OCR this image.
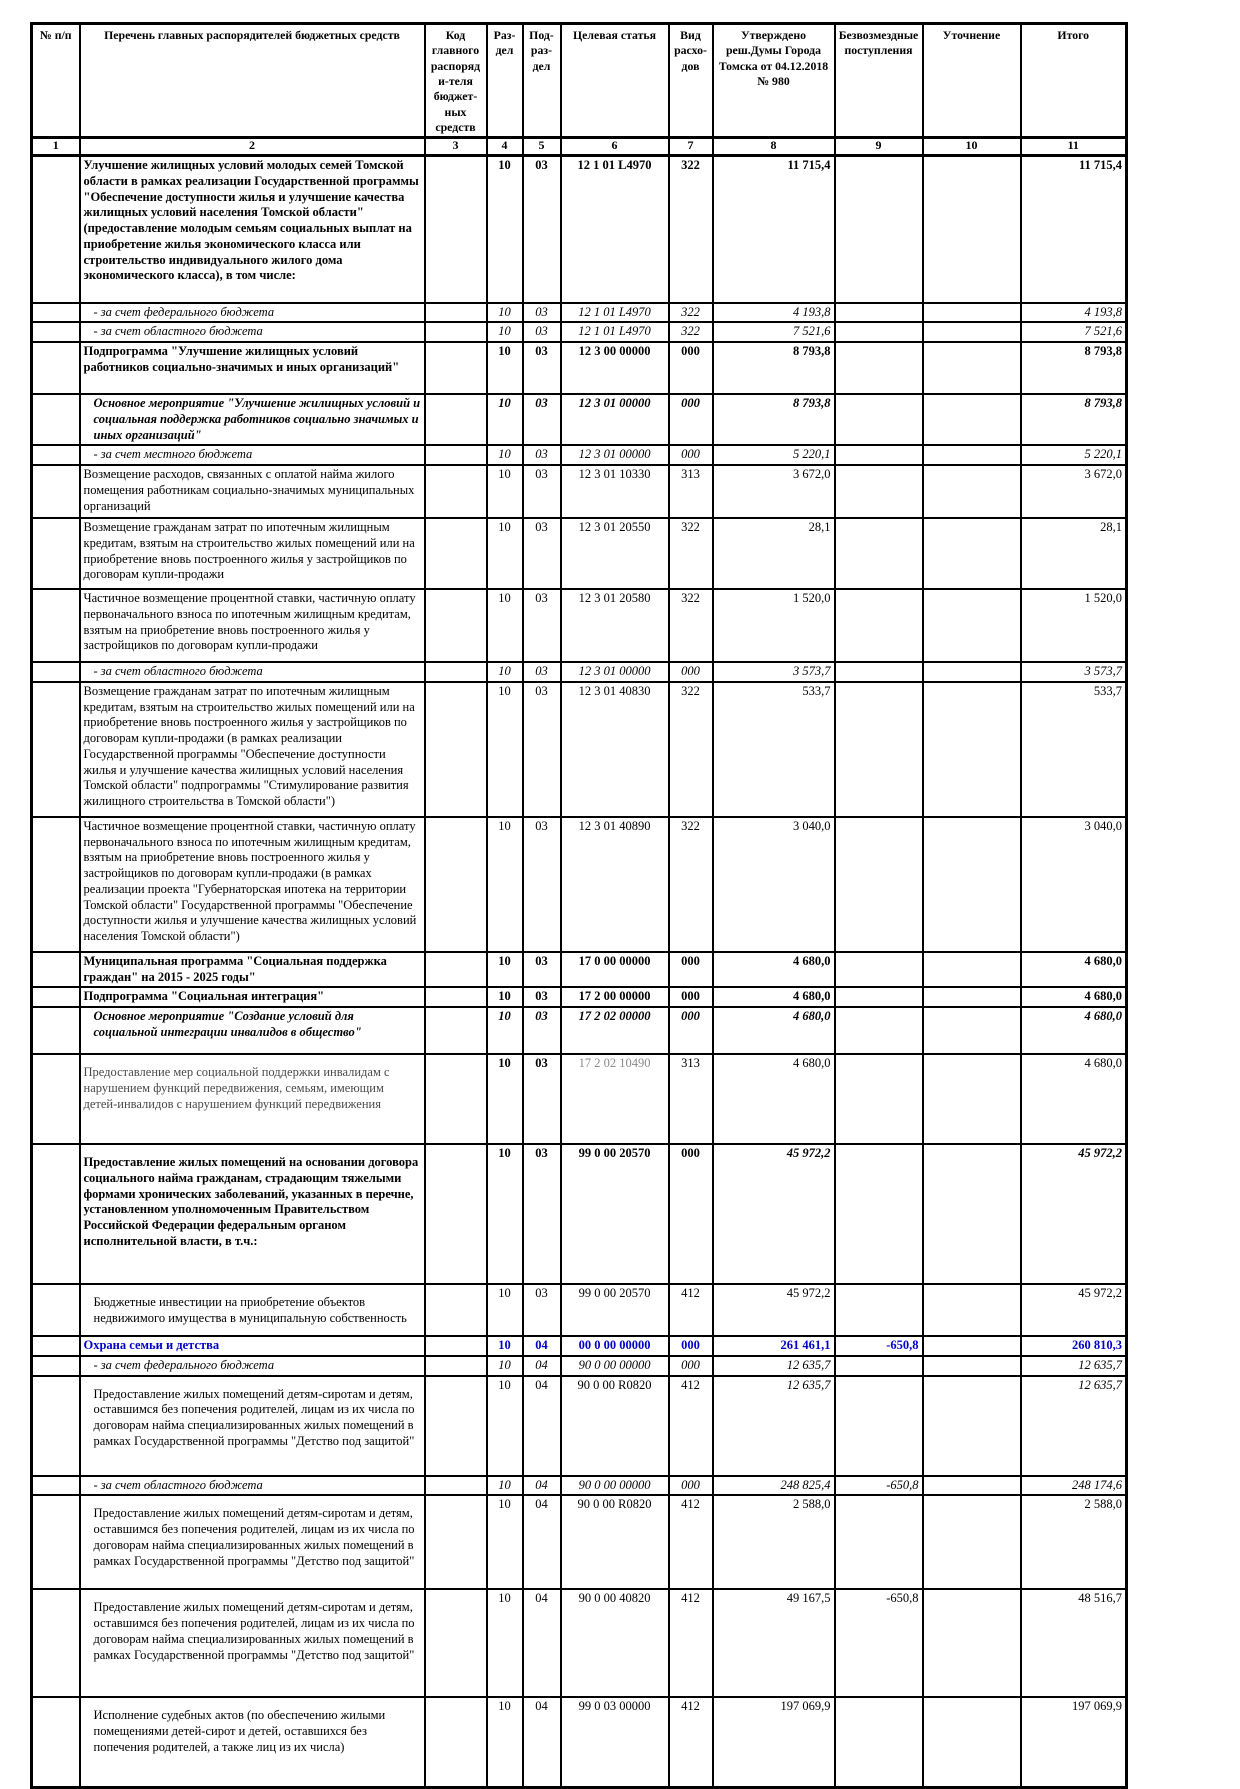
№ п/п	Перечень главных распорядителей бюджетных средств	Код главного распоряди-теля бюджет-ных средств	Раз-дел	Под-раз-дел	Целевая статья	Вид расхо-дов	Утверждено реш.Думы Города Томска от 04.12.2018 № 980	Безвозмездные поступления	Уточнение	Итого
1	2	3	4	5	6	7	8	9	10	11
	Улучшение жилищных условий молодых семей Томской области в рамках реализации Государственной программы "Обеспечение доступности жилья и улучшение качества жилищных условий населения Томской области" (предоставление молодым семьям социальных выплат на приобретение жилья экономического класса или строительство индивидуального жилого дома экономического класса), в том числе:		10	03	12 1 01 L4970	322	11 715,4			11 715,4
	- за счет федерального бюджета		10	03	12 1 01 L4970	322	4 193,8			4 193,8
	- за счет областного бюджета		10	03	12 1 01 L4970	322	7 521,6			7 521,6
	Подпрограмма "Улучшение жилищных условий работников социально-значимых и иных организаций"		10	03	12 3 00 00000	000	8 793,8			8 793,8
	Основное мероприятие "Улучшение жилищных условий и социальная поддержка работников социально значимых и иных организаций"		10	03	12 3 01 00000	000	8 793,8			8 793,8
	- за счет местного бюджета		10	03	12 3 01 00000	000	5 220,1			5 220,1
	Возмещение расходов, связанных с оплатой найма жилого помещения работникам социально-значимых муниципальных организаций		10	03	12 3 01 10330	313	3 672,0			3 672,0
	Возмещение гражданам затрат по ипотечным жилищным кредитам, взятым на строительство жилых помещений или на приобретение вновь построенного жилья у застройщиков по договорам купли-продажи		10	03	12 3 01 20550	322	28,1			28,1
	Частичное возмещение процентной ставки, частичную оплату первоначального взноса по ипотечным жилищным кредитам, взятым на приобретение вновь построенного жилья у застройщиков по договорам купли-продажи		10	03	12 3 01 20580	322	1 520,0			1 520,0
	- за счет областного бюджета		10	03	12 3 01 00000	000	3 573,7			3 573,7
	Возмещение гражданам затрат по ипотечным жилищным кредитам, взятым на строительство жилых помещений или на приобретение вновь построенного жилья у застройщиков по договорам купли-продажи (в рамках реализации Государственной программы "Обеспечение доступности жилья и улучшение качества жилищных условий населения Томской области" подпрограммы "Стимулирование развития жилищного строительства в Томской области")		10	03	12 3 01 40830	322	533,7			533,7
	Частичное возмещение процентной ставки, частичную оплату первоначального взноса по ипотечным жилищным кредитам, взятым на приобретение вновь построенного жилья у застройщиков по договорам купли-продажи (в рамках реализации проекта "Губернаторская ипотека на территории Томской области" Государственной программы "Обеспечение доступности жилья и улучшение качества жилищных условий населения Томской области")		10	03	12 3 01 40890	322	3 040,0			3 040,0
	Муниципальная программа "Социальная поддержка граждан" на 2015 - 2025 годы"		10	03	17 0 00 00000	000	4 680,0			4 680,0
	Подпрограмма "Социальная интеграция"		10	03	17 2 00 00000	000	4 680,0			4 680,0
	Основное мероприятие "Создание условий для социальной интеграции инвалидов в общество"		10	03	17 2 02 00000	000	4 680,0			4 680,0
	Предоставление мер социальной поддержки инвалидам с нарушением функций передвижения, семьям, имеющим детей-инвалидов с нарушением функций передвижения		10	03	17 2 02 10490	313	4 680,0			4 680,0
	Предоставление жилых помещений на основании договора социального найма гражданам, страдающим тяжелыми формами хронических заболеваний, указанных в перечне, установленном уполномоченным Правительством Российской Федерации федеральным органом исполнительной власти, в т.ч.:		10	03	99 0 00 20570	000	45 972,2			45 972,2
	Бюджетные инвестиции на приобретение объектов недвижимого имущества в муниципальную собственность		10	03	99 0 00 20570	412	45 972,2			45 972,2
	Охрана семьи и детства		10	04	00 0 00 00000	000	261 461,1	-650,8		260 810,3
	- за счет федерального бюджета		10	04	90 0 00 00000	000	12 635,7			12 635,7
	Предоставление жилых помещений детям-сиротам и детям, оставшимся без попечения родителей, лицам из их числа по договорам найма специализированных жилых помещений в рамках Государственной программы "Детство под защитой"		10	04	90 0 00 R0820	412	12 635,7			12 635,7
	- за счет областного бюджета		10	04	90 0 00 00000	000	248 825,4	-650,8		248 174,6
	Предоставление жилых помещений детям-сиротам и детям, оставшимся без попечения родителей, лицам из их числа по договорам найма специализированных жилых помещений в рамках Государственной программы "Детство под защитой"		10	04	90 0 00 R0820	412	2 588,0			2 588,0
	Предоставление жилых помещений детям-сиротам и детям, оставшимся без попечения родителей, лицам из их числа по договорам найма специализированных жилых помещений в рамках Государственной программы "Детство под защитой"		10	04	90 0 00 40820	412	49 167,5	-650,8		48 516,7
	Исполнение судебных актов (по обеспечению жилыми помещениями детей-сирот и детей, оставшихся без попечения родителей, а также лиц из их числа)		10	04	99 0 03 00000	412	197 069,9			197 069,9
